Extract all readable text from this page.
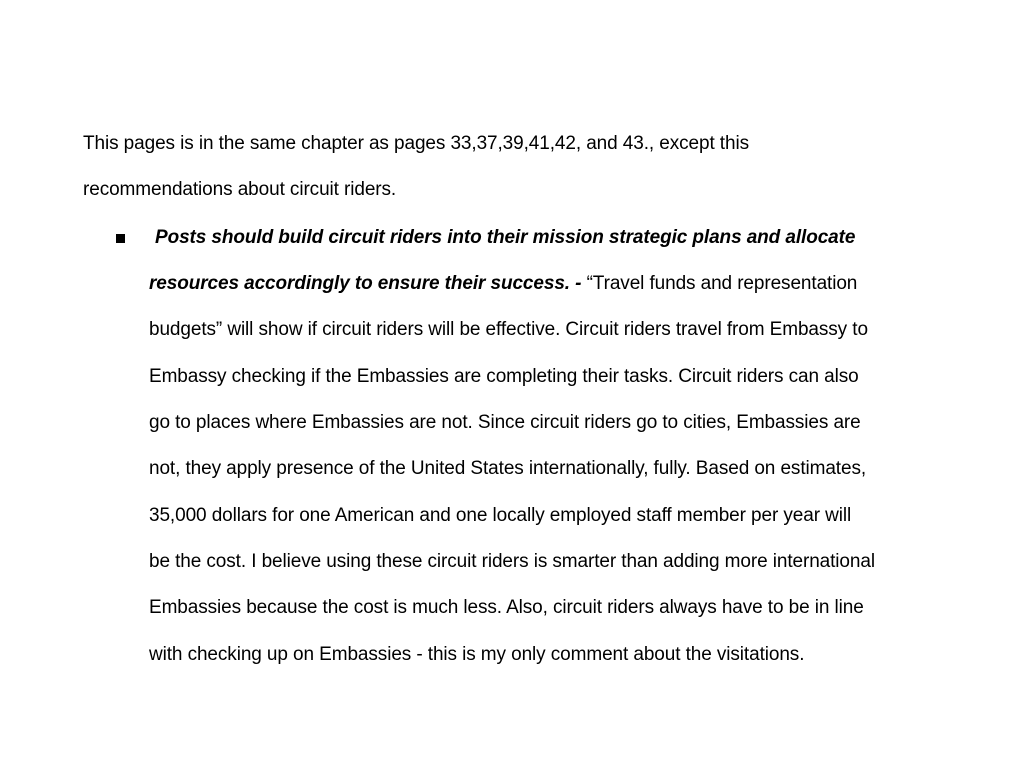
This pages is in the same chapter as pages 33,37,39,41,42, and 43., except this
recommendations about circuit riders.
Posts should build circuit riders into their mission strategic plans and allocate
resources accordingly to ensure their success. - “Travel funds and representation
budgets” will show if circuit riders will be effective. Circuit riders travel from Embassy to
Embassy checking if the Embassies are completing their tasks. Circuit riders can also
go to places where Embassies are not. Since circuit riders go to cities, Embassies are
not, they apply presence of the United States internationally, fully. Based on estimates,
35,000 dollars for one American and one locally employed staff member per year will
be the cost. I believe using these circuit riders is smarter than adding more international
Embassies because the cost is much less. Also, circuit riders always have to be in line
with checking up on Embassies - this is my only comment about the visitations.
